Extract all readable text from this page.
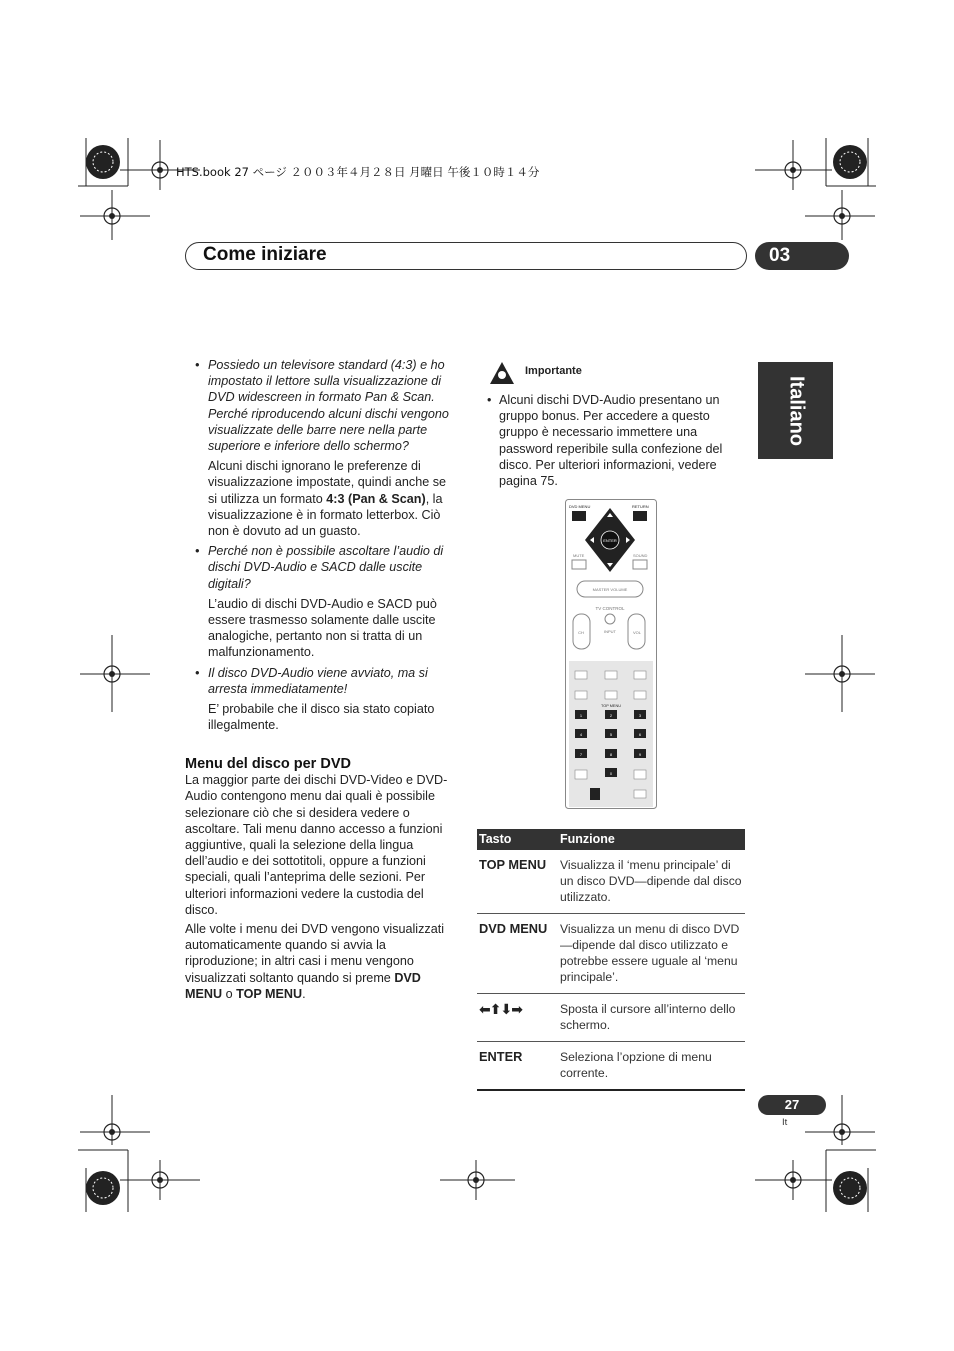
HTS.book 27 ページ ２００３年４月２８日 月曜日 午後１０時１４分
Come iniziare	03
Italiano
• Possiedo un televisore standard (4:3) e ho impostato il lettore sulla visualizzazione di DVD widescreen in formato Pan & Scan. Perché riproducendo alcuni dischi vengono visualizzate delle barre nere nella parte superiore e inferiore dello schermo?

Alcuni dischi ignorano le preferenze di visualizzazione impostate, quindi anche se si utilizza un formato 4:3 (Pan & Scan), la visualizzazione è in formato letterbox. Ciò non è dovuto ad un guasto.

• Perché non è possibile ascoltare l’audio di dischi DVD-Audio e SACD dalle uscite digitali?

L’audio di dischi DVD-Audio e SACD può essere trasmesso solamente dalle uscite analogiche, pertanto non si tratta di un malfunzionamento.

• Il disco DVD-Audio viene avviato, ma si arresta immediatamente!

E’ probabile che il disco sia stato copiato illegalmente.

Menu del disco per DVD

La maggior parte dei dischi DVD-Video e DVD-Audio contengono menu dai quali è possibile selezionare ciò che si desidera vedere o ascoltare. Tali menu danno accesso a funzioni aggiuntive, quali la selezione della lingua dell’audio e dei sottotitoli, oppure a funzioni speciali, quali l’anteprima delle sezioni. Per ulteriori informazioni vedere la custodia del disco.

Alle volte i menu dei DVD vengono visualizzati automaticamente quando si avvia la riproduzione; in altri casi i menu vengono visualizzati soltanto quando si preme DVD MENU o TOP MENU.

Importante
• Alcuni dischi DVD-Audio presentano un gruppo bonus. Per accedere a questo gruppo è necessario immettere una password reperibile sulla confezione del disco. Per ulteriori informazioni, vedere pagina 75.
DVD MENU	RETURN
ENTER
MUTE	SOUND
MASTER VOLUME
TV CONTROL
CH	VOL
INPUT
TOP MENU
1	2	3
4	5	6
7	8	9
0
Tasto	Funzione
TOP MENU	Visualizza il ‘menu principale’ di un disco DVD—dipende dal disco utilizzato.
DVD MENU	Visualizza un menu di disco DVD—dipende dal disco utilizzato e potrebbe essere uguale al ‘menu principale’.
⬅⬆⬇➡	Sposta il cursore all’interno dello schermo.
ENTER	Seleziona l’opzione di menu corrente.
27
It
